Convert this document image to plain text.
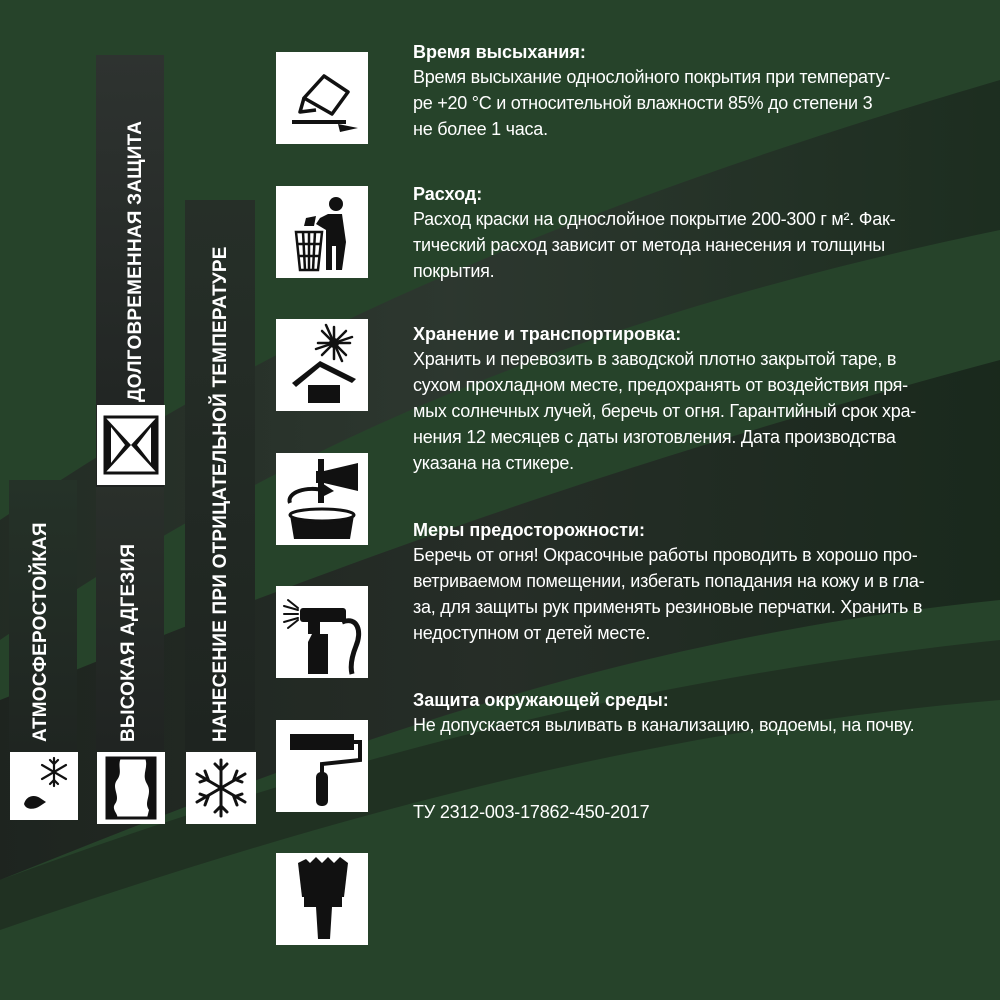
АТМОСФЕРОСТОЙКАЯ	ВЫСОКАЯ АДГЕЗИЯ	НАНЕСЕНИЕ ПРИ ОТРИЦАТЕЛЬНОЙ ТЕМПЕРАТУРЕ
ДОЛГОВРЕМЕННАЯ ЗАЩИТА
Время высыхания:

Время высыхание однослойного покрытия при температу-

ре +20 °С и относительной влажности 85% до степени 3

не более 1 часа.

Расход:

Расход краски на однослойное покрытие 200-300 г м². Фак-

тический расход зависит от метода нанесения и толщины

покрытия.

Хранение и транспортировка:

Хранить и перевозить в заводской плотно закрытой таре, в

сухом прохладном месте, предохранять от воздействия пря-

мых солнечных лучей, беречь от огня. Гарантийный срок хра-

нения 12 месяцев с даты изготовления. Дата производства

указана на стикере.

Меры предосторожности:

Беречь от огня! Окрасочные работы проводить в хорошо про-

ветриваемом помещении, избегать попадания на кожу и в гла-

за, для защиты рук применять резиновые перчатки. Хранить в

недоступном от детей месте.

Защита окружающей среды:

Не допускается выливать в канализацию, водоемы, на почву.

ТУ 2312-003-17862-450-2017
